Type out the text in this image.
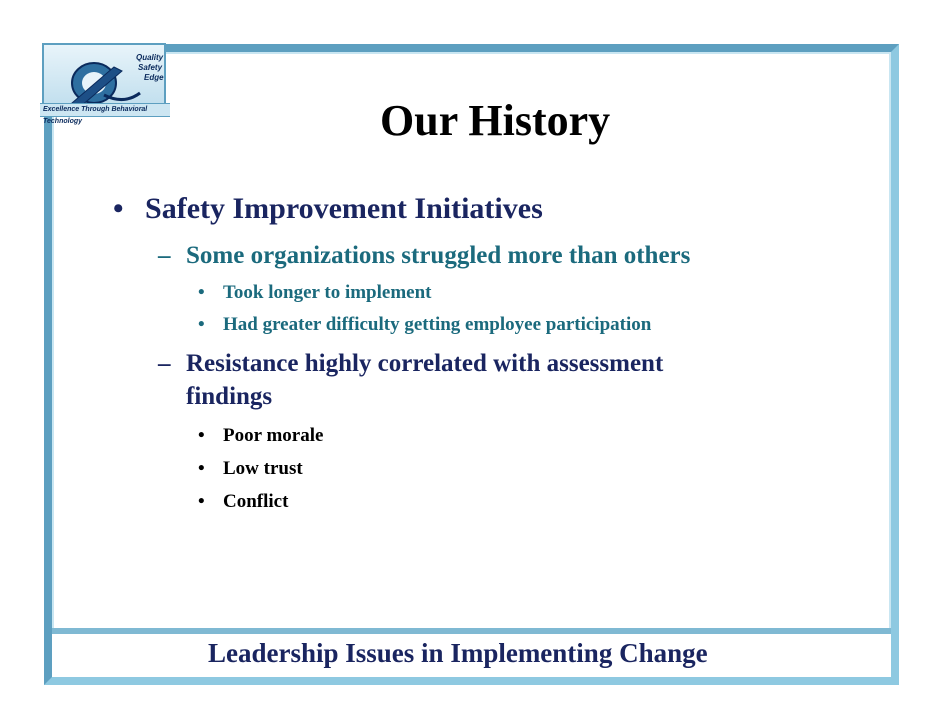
Quality
Safety
Edge
Excellence Through Behavioral Technology	Our History
• Safety Improvement Initiatives
– Some organizations struggled more than others
• Took longer to implement
• Had greater difficulty getting employee participation
– Resistance highly correlated with assessment
findings
• Poor morale
• Low trust
• Conflict
Leadership Issues in Implementing Change
